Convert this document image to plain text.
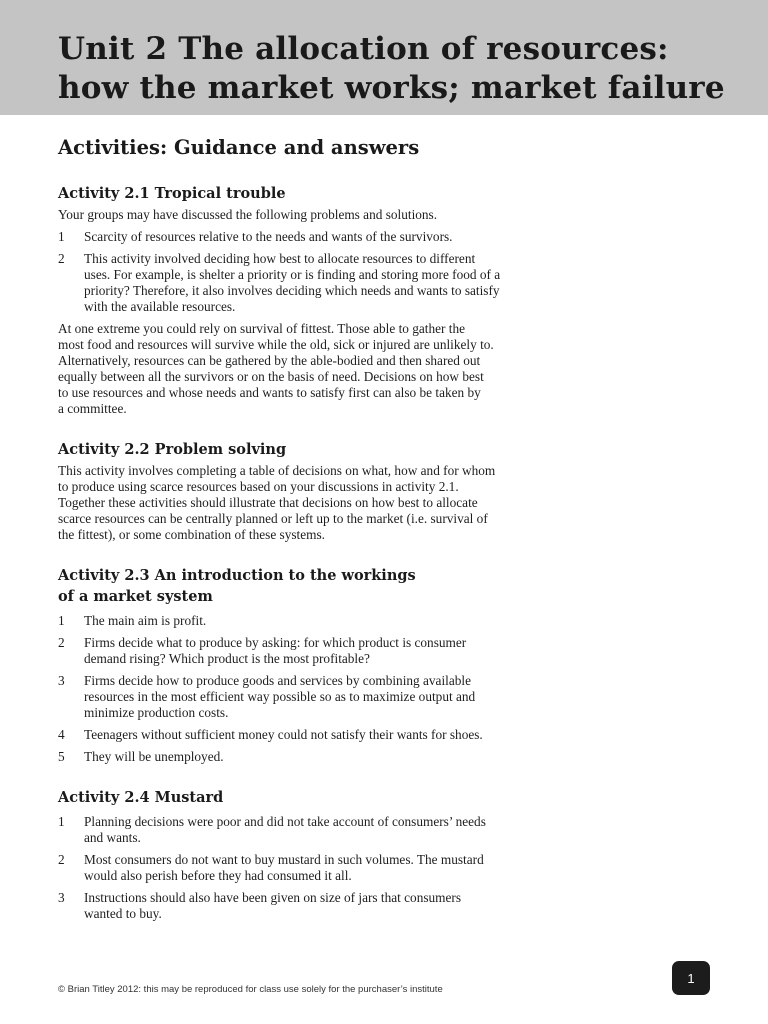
Unit 2 The allocation of resources:
how the market works; market failure
Activities: Guidance and answers
Activity 2.1 Tropical trouble

Your groups may have discussed the following problems and solutions.

1	Scarcity of resources relative to the needs and wants of the survivors.
2	This activity involved deciding how best to allocate resources to different
uses. For example, is shelter a priority or is finding and storing more food of a
priority? Therefore, it also involves deciding which needs and wants to satisfy
with the available resources.

At one extreme you could rely on survival of fittest. Those able to gather the
most food and resources will survive while the old, sick or injured are unlikely to.
Alternatively, resources can be gathered by the able-bodied and then shared out
equally between all the survivors or on the basis of need. Decisions on how best
to use resources and whose needs and wants to satisfy first can also be taken by
a committee.

Activity 2.2 Problem solving

This activity involves completing a table of decisions on what, how and for whom
to produce using scarce resources based on your discussions in activity 2.1.
Together these activities should illustrate that decisions on how best to allocate
scarce resources can be centrally planned or left up to the market (i.e. survival of
the fittest), or some combination of these systems.

Activity 2.3 An introduction to the workings
of a market system
1	The main aim is profit.
2	Firms decide what to produce by asking: for which product is consumer
demand rising? Which product is the most profitable?
3	Firms decide how to produce goods and services by combining available
resources in the most efficient way possible so as to maximize output and
minimize production costs.
4	Teenagers without sufficient money could not satisfy their wants for shoes.
5	They will be unemployed.
Activity 2.4 Mustard
1	Planning decisions were poor and did not take account of consumers’ needs
and wants.
2	Most consumers do not want to buy mustard in such volumes. The mustard
would also perish before they had consumed it all.
3	Instructions should also have been given on size of jars that consumers
wanted to buy.
1
© Brian Titley 2012: this may be reproduced for class use solely for the purchaser’s institute
